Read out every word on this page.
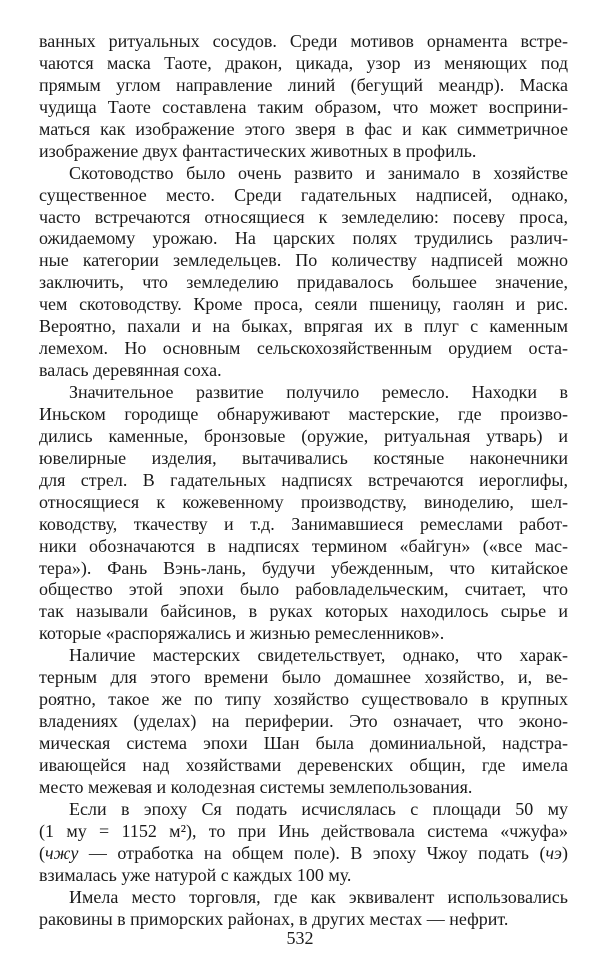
ванных ритуальных сосудов. Среди мотивов орнамента встре-
чаются маска Таоте, дракон, цикада, узор из меняющих под
прямым углом направление линий (бегущий меандр). Маска
чудища Таоте составлена таким образом, что может восприни-
маться как изображение этого зверя в фас и как симметричное
изображение двух фантастических животных в профиль.
Скотоводство было очень развито и занимало в хозяйстве
существенное место. Среди гадательных надписей, однако,
часто встречаются относящиеся к земледелию: посеву проса,
ожидаемому урожаю. На царских полях трудились различ-
ные категории земледельцев. По количеству надписей можно
заключить, что земледелию придавалось большее значение,
чем скотоводству. Кроме проса, сеяли пшеницу, гаолян и рис.
Вероятно, пахали и на быках, впрягая их в плуг с каменным
лемехом. Но основным сельскохозяйственным орудием оста-
валась деревянная соха.
Значительное развитие получило ремесло. Находки в
Иньском городище обнаруживают мастерские, где произво-
дились каменные, бронзовые (оружие, ритуальная утварь) и
ювелирные изделия, вытачивались костяные наконечники
для стрел. В гадательных надписях встречаются иероглифы,
относящиеся к кожевенному производству, виноделию, шел-
ководству, ткачеству и т.д. Занимавшиеся ремеслами работ-
ники обозначаются в надписях термином «байгун» («все мас-
тера»). Фань Вэнь-лань, будучи убежденным, что китайское
общество этой эпохи было рабовладельческим, считает, что
так называли байсинов, в руках которых находилось сырье и
которые «распоряжались и жизнью ремесленников».
Наличие мастерских свидетельствует, однако, что харак-
терным для этого времени было домашнее хозяйство, и, ве-
роятно, такое же по типу хозяйство существовало в крупных
владениях (уделах) на периферии. Это означает, что эконо-
мическая система эпохи Шан была доминиальной, надстра-
ивающейся над хозяйствами деревенских общин, где имела
место межевая и колодезная системы землепользования.
Если в эпоху Ся подать исчислялась с площади 50 му
(1 му = 1152 м²), то при Инь действовала система «чжуфа»
(чжу — отработка на общем поле). В эпоху Чжоу подать (чэ)
взималась уже натурой с каждых 100 му.
Имела место торговля, где как эквивалент использовались
раковины в приморских районах, в других местах — нефрит.
532
